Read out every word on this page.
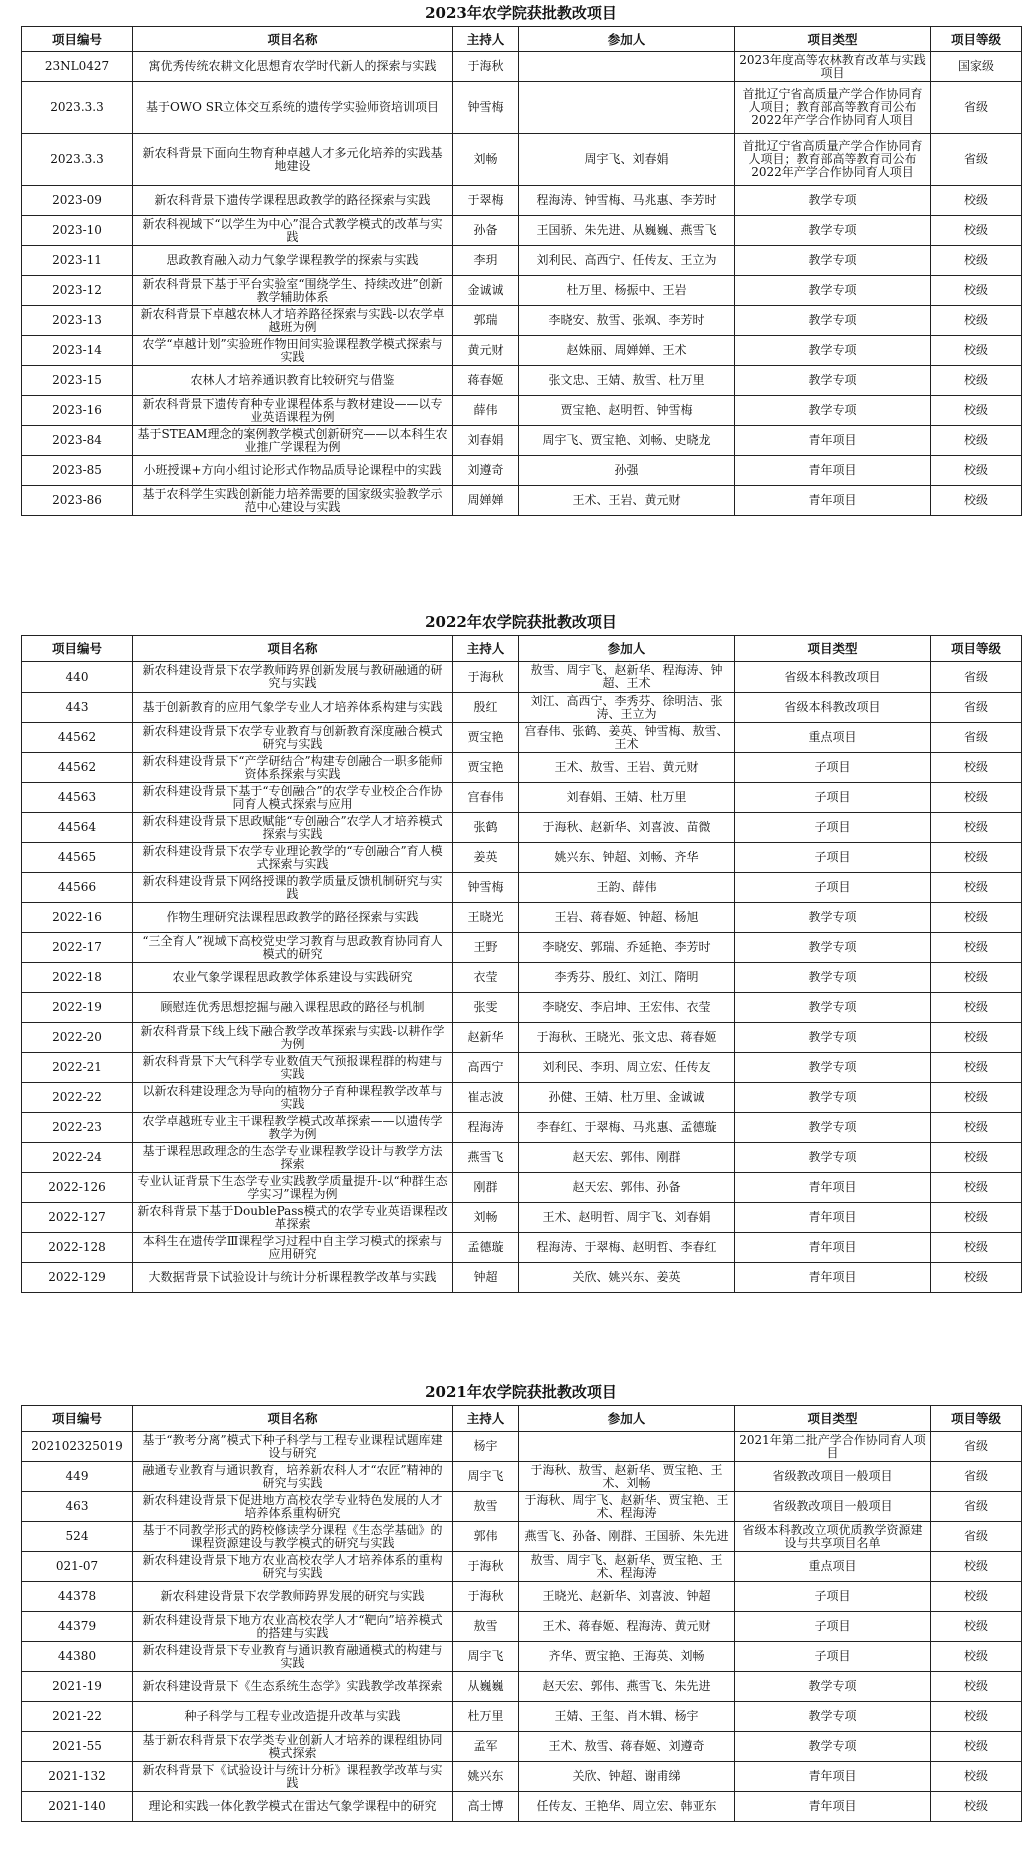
2023年农学院获批教改项目
项目编号	项目名称	主持人	参加人	项目类型	项目等级
23NL0427	寓优秀传统农耕文化思想育农学时代新人的探索与实践	于海秋		2023年度高等农林教育改革与实践项目	国家级
2023.3.3	基于OWO SR立体交互系统的遗传学实验师资培训项目	钟雪梅		首批辽宁省高质量产学合作协同育人项目；教育部高等教育司公布2022年产学合作协同育人项目	省级
2023.3.3	新农科背景下面向生物育种卓越人才多元化培养的实践基地建设	刘畅	周宇飞、刘春娟	首批辽宁省高质量产学合作协同育人项目；教育部高等教育司公布2022年产学合作协同育人项目	省级
2023-09	新农科背景下遗传学课程思政教学的路径探索与实践	于翠梅	程海涛、钟雪梅、马兆惠、李芳时	教学专项	校级
2023-10	新农科视域下“以学生为中心”混合式教学模式的改革与实践	孙备	王国骄、朱先进、从巍巍、燕雪飞	教学专项	校级
2023-11	思政教育融入动力气象学课程教学的探索与实践	李玥	刘利民、高西宁、任传友、王立为	教学专项	校级
2023-12	新农科背景下基于平台实验室“围绕学生、持续改进”创新教学辅助体系	金诚诚	杜万里、杨振中、王岩	教学专项	校级
2023-13	新农科背景下卓越农林人才培养路径探索与实践-以农学卓越班为例	郭瑞	李晓安、敖雪、张飒、李芳时	教学专项	校级
2023-14	农学“卓越计划”实验班作物田间实验课程教学模式探索与实践	黄元财	赵姝丽、周婵婵、王术	教学专项	校级
2023-15	农林人才培养通识教育比较研究与借鉴	蒋春姬	张文忠、王婧、敖雪、杜万里	教学专项	校级
2023-16	新农科背景下遗传育种专业课程体系与教材建设——以专业英语课程为例	薛伟	贾宝艳、赵明哲、钟雪梅	教学专项	校级
2023-84	基于STEAM理念的案例教学模式创新研究——以本科生农业推广学课程为例	刘春娟	周宇飞、贾宝艳、刘畅、史晓龙	青年项目	校级
2023-85	小班授课+方向小组讨论形式作物品质导论课程中的实践	刘遵奇	孙强	青年项目	校级
2023-86	基于农科学生实践创新能力培养需要的国家级实验教学示范中心建设与实践	周婵婵	王术、王岩、黄元财	青年项目	校级
2022年农学院获批教改项目
项目编号	项目名称	主持人	参加人	项目类型	项目等级
440	新农科建设背景下农学教师跨界创新发展与教研融通的研究与实践	于海秋	敖雪、周宇飞、赵新华、程海涛、钟超、王术	省级本科教改项目	省级
443	基于创新教育的应用气象学专业人才培养体系构建与实践	殷红	刘江、高西宁、李秀芬、徐明洁、张涛、王立为	省级本科教改项目	省级
44562	新农科建设背景下农学专业教育与创新教育深度融合模式研究与实践	贾宝艳	宫春伟、张鹤、姜英、钟雪梅、敖雪、王术	重点项目	省级
44562	新农科建设背景下“产学研结合”构建专创融合一职多能师资体系探索与实践	贾宝艳	王术、敖雪、王岩、黄元财	子项目	校级
44563	新农科建设背景下基于“专创融合”的农学专业校企合作协同育人模式探索与应用	宫春伟	刘春娟、王婧、杜万里	子项目	校级
44564	新农科建设背景下思政赋能“专创融合”农学人才培养模式探索与实践	张鹤	于海秋、赵新华、刘喜波、苗微	子项目	校级
44565	新农科建设背景下农学专业理论教学的“专创融合”育人模式探索与实践	姜英	姚兴东、钟超、刘畅、齐华	子项目	校级
44566	新农科建设背景下网络授课的教学质量反馈机制研究与实践	钟雪梅	王韵、薛伟	子项目	校级
2022-16	作物生理研究法课程思政教学的路径探索与实践	王晓光	王岩、蒋春姬、钟超、杨旭	教学专项	校级
2022-17	“三全育人”视域下高校党史学习教育与思政教育协同育人模式的研究	王野	李晓安、郭瑞、乔延艳、李芳时	教学专项	校级
2022-18	农业气象学课程思政教学体系建设与实践研究	衣莹	李秀芬、殷红、刘江、隋明	教学专项	校级
2022-19	顾慰连优秀思想挖掘与融入课程思政的路径与机制	张雯	李晓安、李启坤、王宏伟、衣莹	教学专项	校级
2022-20	新农科背景下线上线下融合教学改革探索与实践-以耕作学为例	赵新华	于海秋、王晓光、张文忠、蒋春姬	教学专项	校级
2022-21	新农科背景下大气科学专业数值天气预报课程群的构建与实践	高西宁	刘利民、李玥、周立宏、任传友	教学专项	校级
2022-22	以新农科建设理念为导向的植物分子育种课程教学改革与实践	崔志波	孙健、王婧、杜万里、金诚诚	教学专项	校级
2022-23	农学卓越班专业主干课程教学模式改革探索——以遗传学教学为例	程海涛	李春红、于翠梅、马兆惠、孟德璇	教学专项	校级
2022-24	基于课程思政理念的生态学专业课程教学设计与教学方法探索	燕雪飞	赵天宏、郭伟、刚群	教学专项	校级
2022-126	专业认证背景下生态学专业实践教学质量提升-以“种群生态学实习”课程为例	刚群	赵天宏、郭伟、孙备	青年项目	校级
2022-127	新农科背景下基于DoublePass模式的农学专业英语课程改革探索	刘畅	王术、赵明哲、周宇飞、刘春娟	青年项目	校级
2022-128	本科生在遗传学Ⅲ课程学习过程中自主学习模式的探索与应用研究	孟德璇	程海涛、于翠梅、赵明哲、李春红	青年项目	校级
2022-129	大数据背景下试验设计与统计分析课程教学改革与实践	钟超	关欣、姚兴东、姜英	青年项目	校级
2021年农学院获批教改项目
项目编号	项目名称	主持人	参加人	项目类型	项目等级
202102325019	基于“教考分离”模式下种子科学与工程专业课程试题库建设与研究	杨宇		2021年第二批产学合作协同育人项目	省级
449	融通专业教育与通识教育，培养新农科人才“农匠”精神的研究与实践	周宇飞	于海秋、敖雪、赵新华、贾宝艳、王术、刘畅	省级教改项目一般项目	省级
463	新农科建设背景下促进地方高校农学专业特色发展的人才培养体系重构研究	敖雪	于海秋、周宇飞、赵新华、贾宝艳、王术、程海涛	省级教改项目一般项目	省级
524	基于不同教学形式的跨校修读学分课程《生态学基础》的课程资源建设与教学模式的研究与实践	郭伟	燕雪飞、孙备、刚群、王国骄、朱先进	省级本科教改立项优质教学资源建设与共享项目名单	省级
021-07	新农科建设背景下地方农业高校农学人才培养体系的重构研究与实践	于海秋	敖雪、周宇飞、赵新华、贾宝艳、王术、程海涛	重点项目	校级
44378	新农科建设背景下农学教师跨界发展的研究与实践	于海秋	王晓光、赵新华、刘喜波、钟超	子项目	校级
44379	新农科建设背景下地方农业高校农学人才“靶向”培养模式的搭建与实践	敖雪	王术、蒋春姬、程海涛、黄元财	子项目	校级
44380	新农科建设背景下专业教育与通识教育融通模式的构建与实践	周宇飞	齐华、贾宝艳、王海英、刘畅	子项目	校级
2021-19	新农科建设背景下《生态系统生态学》实践教学改革探索	从巍巍	赵天宏、郭伟、燕雪飞、朱先进	教学专项	校级
2021-22	种子科学与工程专业改造提升改革与实践	杜万里	王婧、王玺、肖木辑、杨宇	教学专项	校级
2021-55	基于新农科背景下农学类专业创新人才培养的课程组协同模式探索	孟军	王术、敖雪、蒋春姬、刘遵奇	教学专项	校级
2021-132	新农科背景下《试验设计与统计分析》课程教学改革与实践	姚兴东	关欣、钟超、谢甫绨	青年项目	校级
2021-140	理论和实践一体化教学模式在雷达气象学课程中的研究	高士博	任传友、王艳华、周立宏、韩亚东	青年项目	校级
